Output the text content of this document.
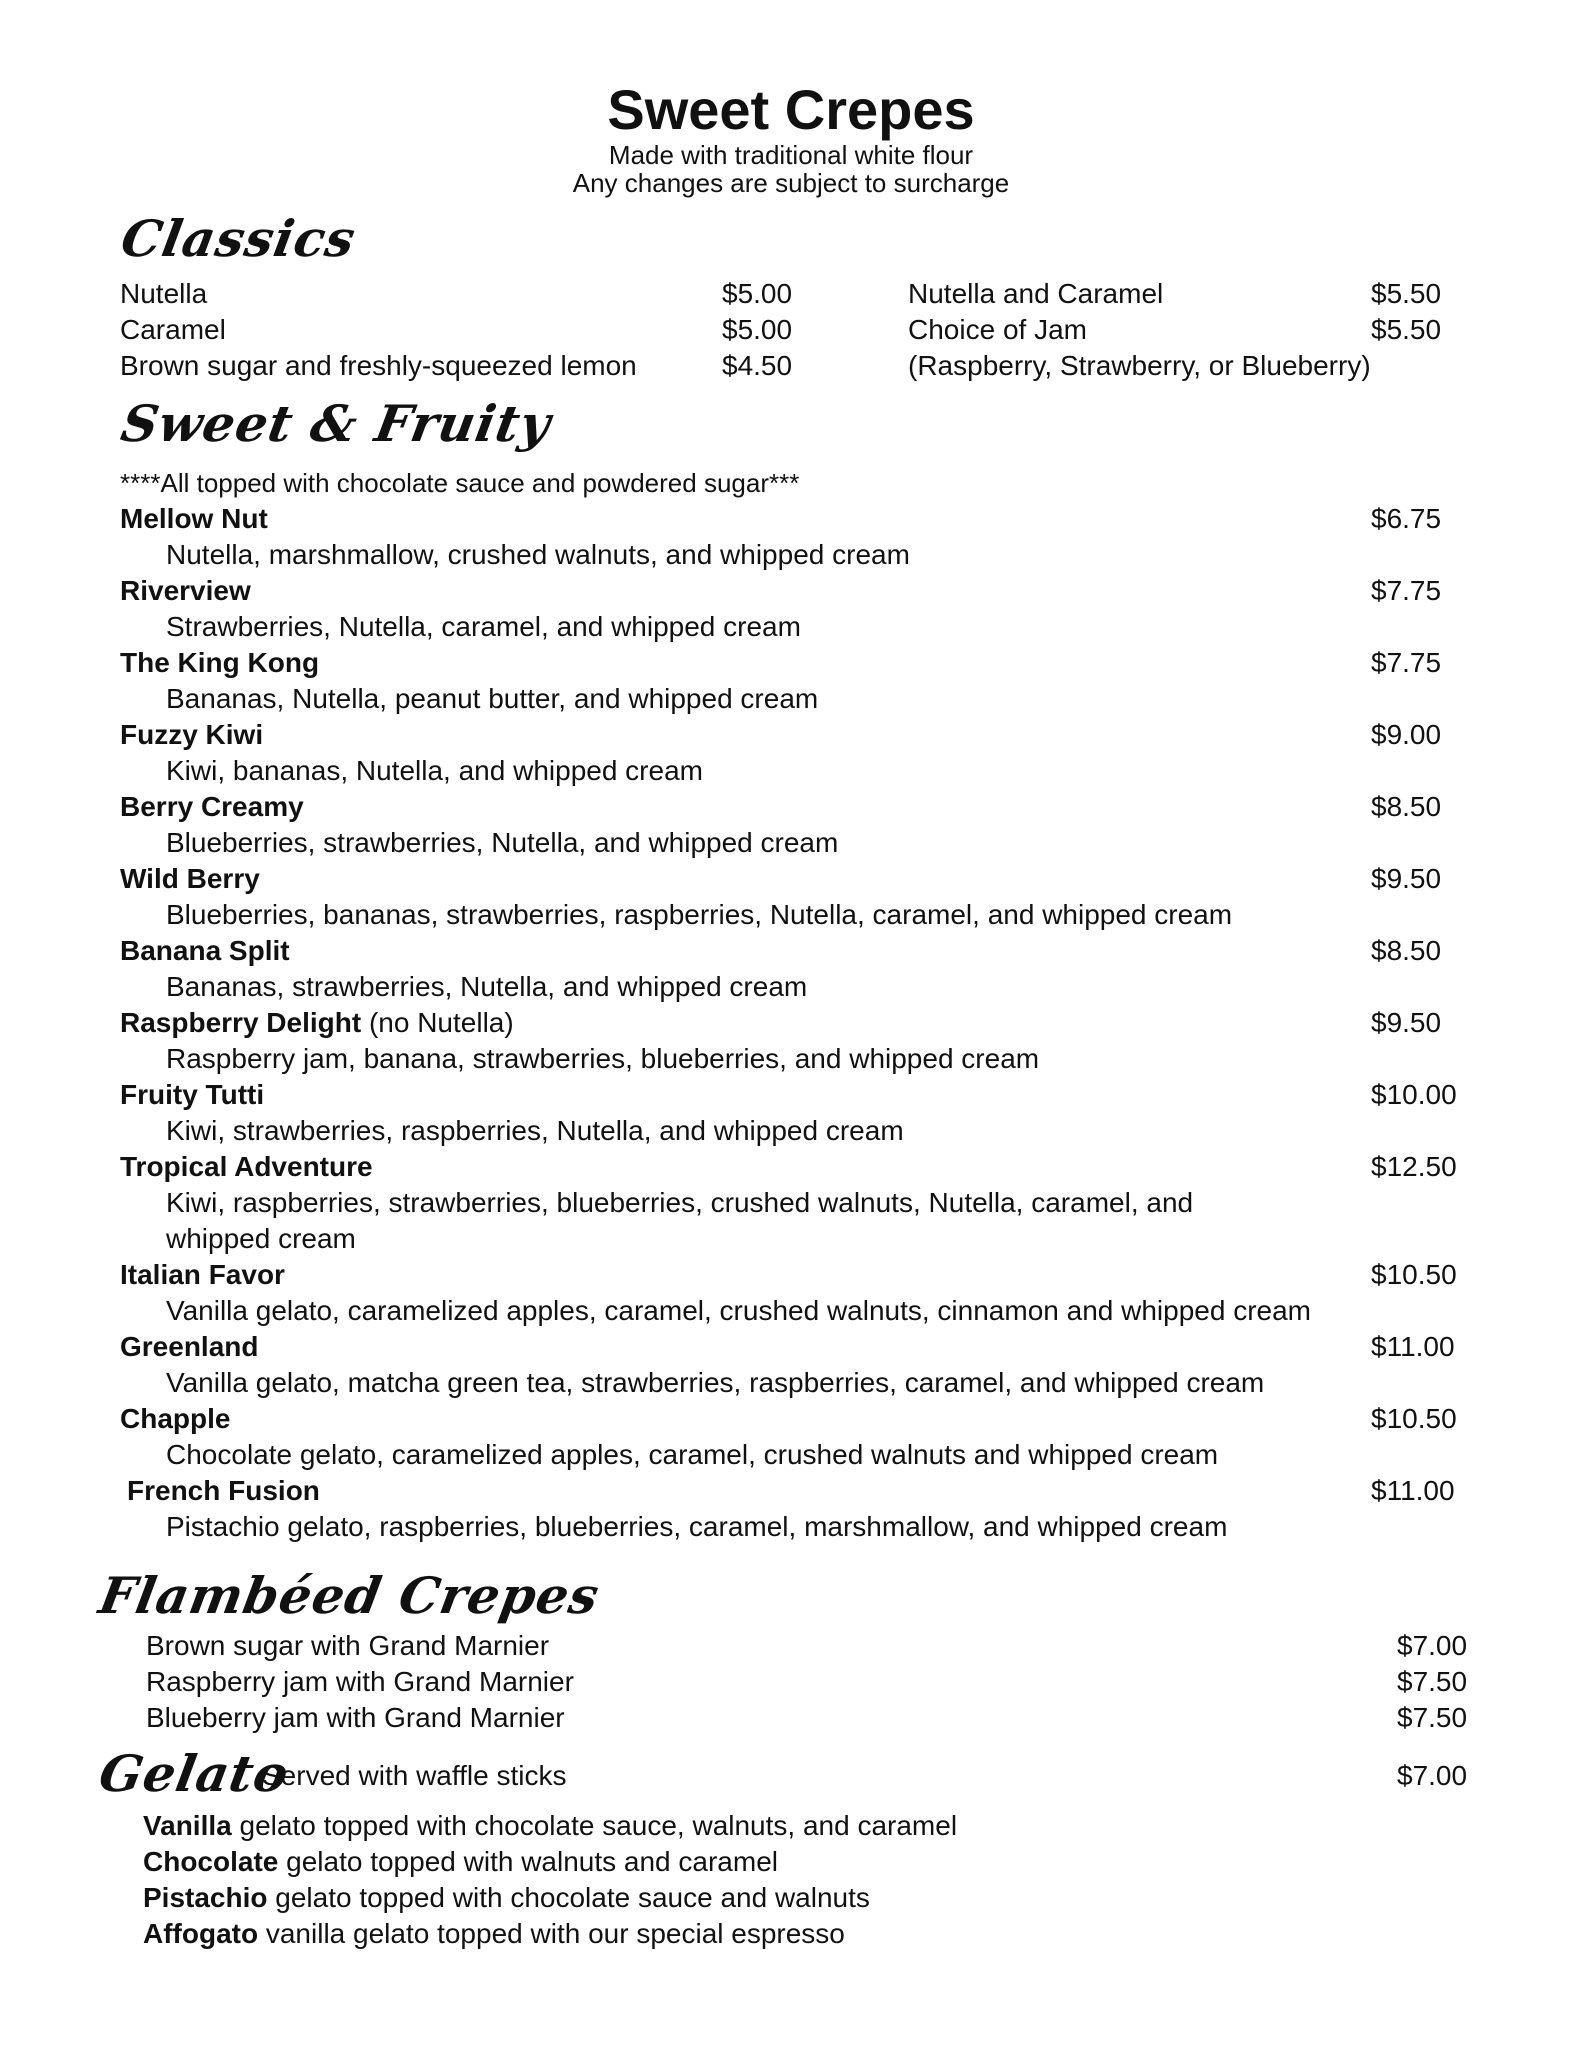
Sweet Crepes
Made with traditional white flour
Any changes are subject to surcharge
Classics
Nutella	$5.00
Caramel	$5.00
Brown sugar and freshly-squeezed lemon	$4.50
Nutella and Caramel	$5.50
Choice of Jam	$5.50
(Raspberry, Strawberry, or Blueberry)
Sweet & Fruity
****All topped with chocolate sauce and powdered sugar***
Mellow Nut	$6.75
Nutella, marshmallow, crushed walnuts, and whipped cream
Riverview	$7.75
Strawberries, Nutella, caramel, and whipped cream
The King Kong	$7.75
Bananas, Nutella, peanut butter, and whipped cream
Fuzzy Kiwi	$9.00
Kiwi, bananas, Nutella, and whipped cream
Berry Creamy	$8.50
Blueberries, strawberries, Nutella, and whipped cream
Wild Berry	$9.50
Blueberries, bananas, strawberries, raspberries, Nutella, caramel, and whipped cream
Banana Split	$8.50
Bananas, strawberries, Nutella, and whipped cream
Raspberry Delight (no Nutella)	$9.50
Raspberry jam, banana, strawberries, blueberries, and whipped cream
Fruity Tutti	$10.00
Kiwi, strawberries, raspberries, Nutella, and whipped cream
Tropical Adventure	$12.50
Kiwi, raspberries, strawberries, blueberries, crushed walnuts, Nutella, caramel, and
whipped cream
Italian Favor	$10.50
Vanilla gelato, caramelized apples, caramel, crushed walnuts, cinnamon and whipped cream
Greenland	$11.00
Vanilla gelato, matcha green tea, strawberries, raspberries, caramel, and whipped cream
Chapple	$10.50
Chocolate gelato, caramelized apples, caramel, crushed walnuts and whipped cream
French Fusion	$11.00
Pistachio gelato, raspberries, blueberries, caramel, marshmallow, and whipped cream
Flambéed Crepes
Brown sugar with Grand Marnier	$7.00
Raspberry jam with Grand Marnier	$7.50
Blueberry jam with Grand Marnier	$7.50
Gelato
Served with waffle sticks	$7.00
Vanilla gelato topped with chocolate sauce, walnuts, and caramel
Chocolate gelato topped with walnuts and caramel
Pistachio gelato topped with chocolate sauce and walnuts
Affogato vanilla gelato topped with our special espresso
